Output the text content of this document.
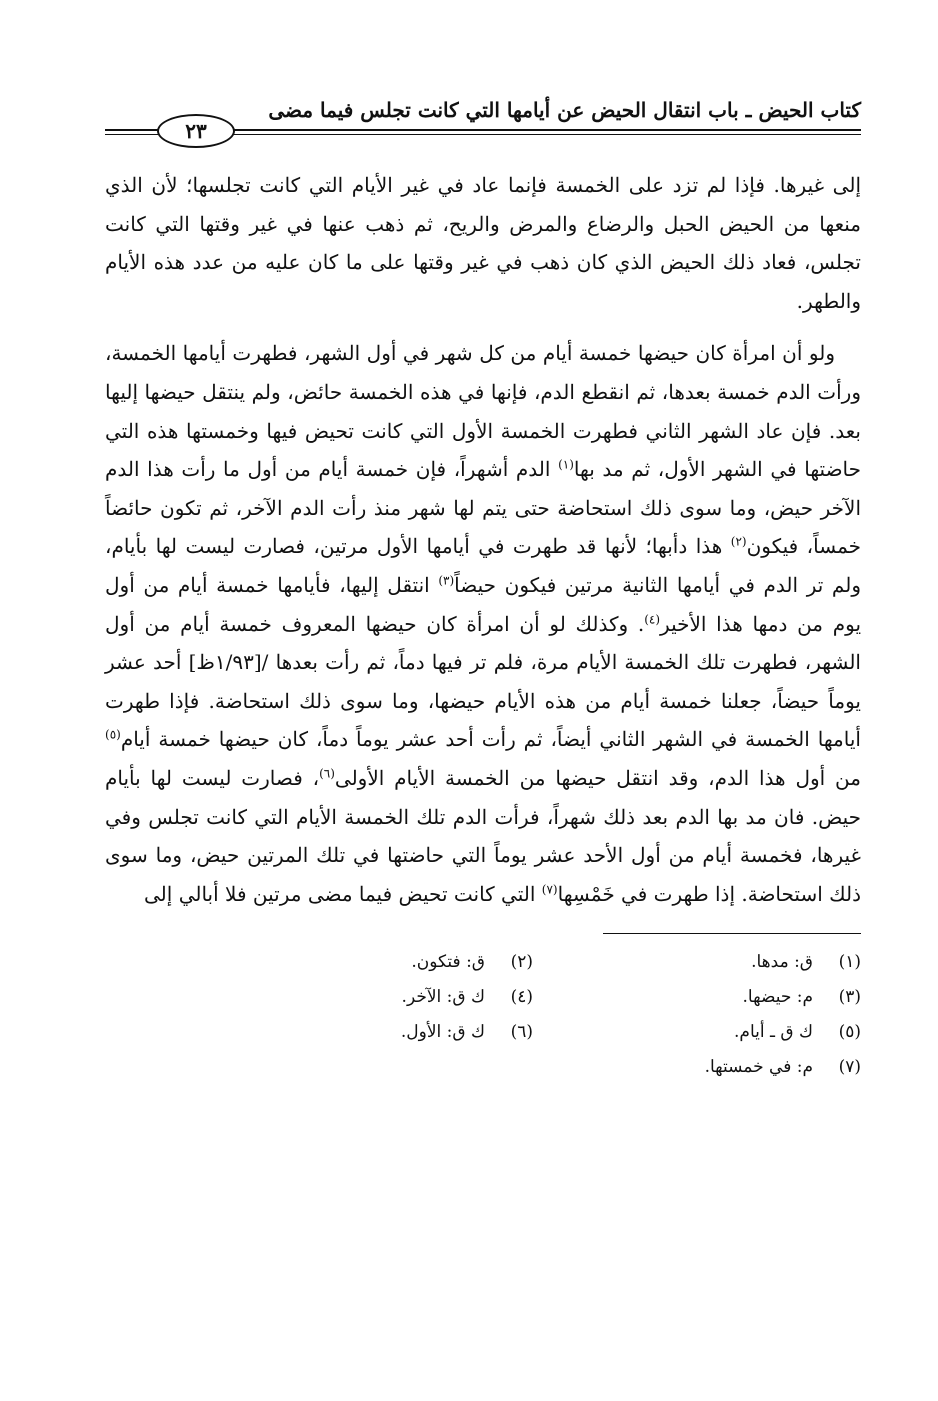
كتاب الحيض ـ باب انتقال الحيض عن أيامها التي كانت تجلس فيما مضى
٢٣

إلى غيرها. فإذا لم تزد على الخمسة فإنما عاد في غير الأيام التي كانت تجلسها؛ لأن الذي منعها من الحيض الحبل والرضاع والمرض والريح، ثم ذهب عنها في غير وقتها التي كانت تجلس، فعاد ذلك الحيض الذي كان ذهب في غير وقتها على ما كان عليه من عدد هذه الأيام والطهر.

ولو أن امرأة كان حيضها خمسة أيام من كل شهر في أول الشهر، فطهرت أيامها الخمسة، ورأت الدم خمسة بعدها، ثم انقطع الدم، فإنها في هذه الخمسة حائض، ولم ينتقل حيضها إليها بعد. فإن عاد الشهر الثاني فطهرت الخمسة الأول التي كانت تحيض فيها وخمستها هذه التي حاضتها في الشهر الأول، ثم مد بها$^{(١)}$ الدم أشهراً، فإن خمسة أيام من أول ما رأت هذا الدم الآخر حيض، وما سوى ذلك استحاضة حتى يتم لها شهر منذ رأت الدم الآخر، ثم تكون حائضاً خمساً، فيكون$^{(٢)}$ هذا دأبها؛ لأنها قد طهرت في أيامها الأول مرتين، فصارت ليست لها بأيام، ولم تر الدم في أيامها الثانية مرتين فيكون حيضاً$^{(٣)}$ انتقل إليها، فأيامها خمسة أيام من أول يوم من دمها هذا الأخير$^{(٤)}$. وكذلك لو أن امرأة كان حيضها المعروف خمسة أيام من أول الشهر، فطهرت تلك الخمسة الأيام مرة، فلم تر فيها دماً، ثم رأت بعدها /[١/٩٣ظ] أحد عشر يوماً حيضاً، جعلنا خمسة أيام من هذه الأيام حيضها، وما سوى ذلك استحاضة. فإذا طهرت أيامها الخمسة في الشهر الثاني أيضاً، ثم رأت أحد عشر يوماً دماً، كان حيضها خمسة أيام$^{(٥)}$ من أول هذا الدم، وقد انتقل حيضها من الخمسة الأيام الأولى$^{(٦)}$، فصارت ليست لها بأيام حيض. فان مد بها الدم بعد ذلك شهراً، فرأت الدم تلك الخمسة الأيام التي كانت تجلس وفي غيرها، فخمسة أيام من أول الأحد عشر يوماً التي حاضتها في تلك المرتين حيض، وما سوى ذلك استحاضة. إذا طهرت في خَمْسِها$^{(٧)}$ التي كانت تحيض فيما مضى مرتين فلا أبالي إلى

(١)ق: مدها.
(٢)ق: فتكون.
(٣)م: حيضها.
(٤)ك ق: الآخر.
(٥)ك ق ـ أيام.
(٦)ك ق: الأول.
(٧)م: في خمستها.
